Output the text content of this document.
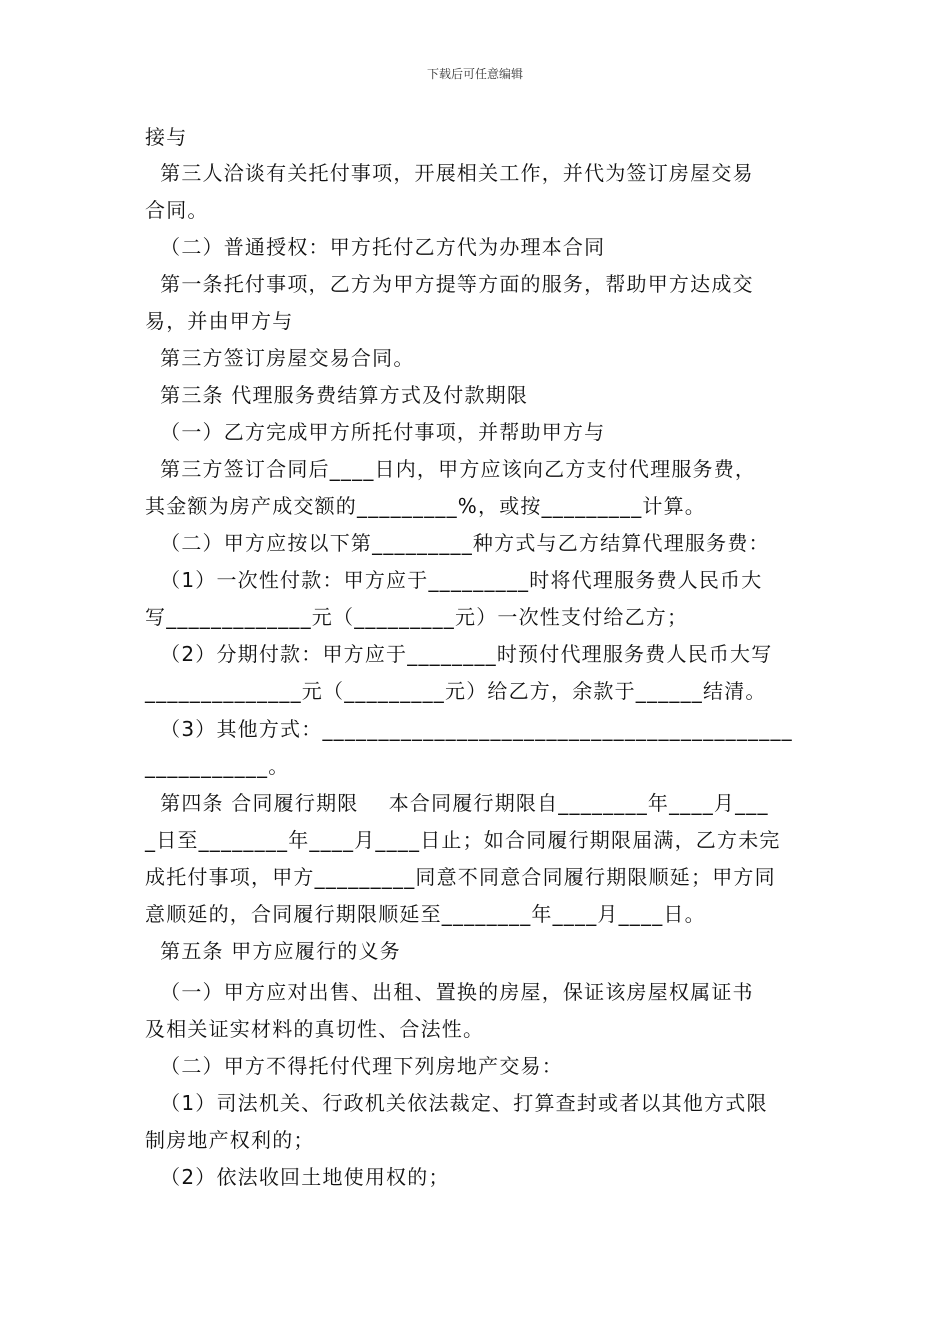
下载后可任意编辑
接与
第三人洽谈有关托付事项，开展相关工作，并代为签订房屋交易
合同。
（二）普通授权：甲方托付乙方代为办理本合同
第一条托付事项，乙方为甲方提等方面的服务，帮助甲方达成交
易，并由甲方与
第三方签订房屋交易合同。
第三条 代理服务费结算方式及付款期限
（一）乙方完成甲方所托付事项，并帮助甲方与
第三方签订合同后____日内，甲方应该向乙方支付代理服务费，
其金额为房产成交额的_________%，或按_________计算。
（二）甲方应按以下第_________种方式与乙方结算代理服务费：
（1）一次性付款：甲方应于_________时将代理服务费人民币大
写_____________元（_________元）一次性支付给乙方；
（2）分期付款：甲方应于________时预付代理服务费人民币大写
______________元（_________元）给乙方，余款于______结清。
（3）其他方式：__________________________________________
___________。
第四条 合同履行期限    本合同履行期限自________年____月___
_日至________年____月____日止；如合同履行期限届满，乙方未完
成托付事项，甲方_________同意不同意合同履行期限顺延；甲方同
意顺延的，合同履行期限顺延至________年____月____日。
第五条 甲方应履行的义务
（一）甲方应对出售、出租、置换的房屋，保证该房屋权属证书
及相关证实材料的真切性、合法性。
（二）甲方不得托付代理下列房地产交易：
（1）司法机关、行政机关依法裁定、打算查封或者以其他方式限
制房地产权利的；
（2）依法收回土地使用权的；
